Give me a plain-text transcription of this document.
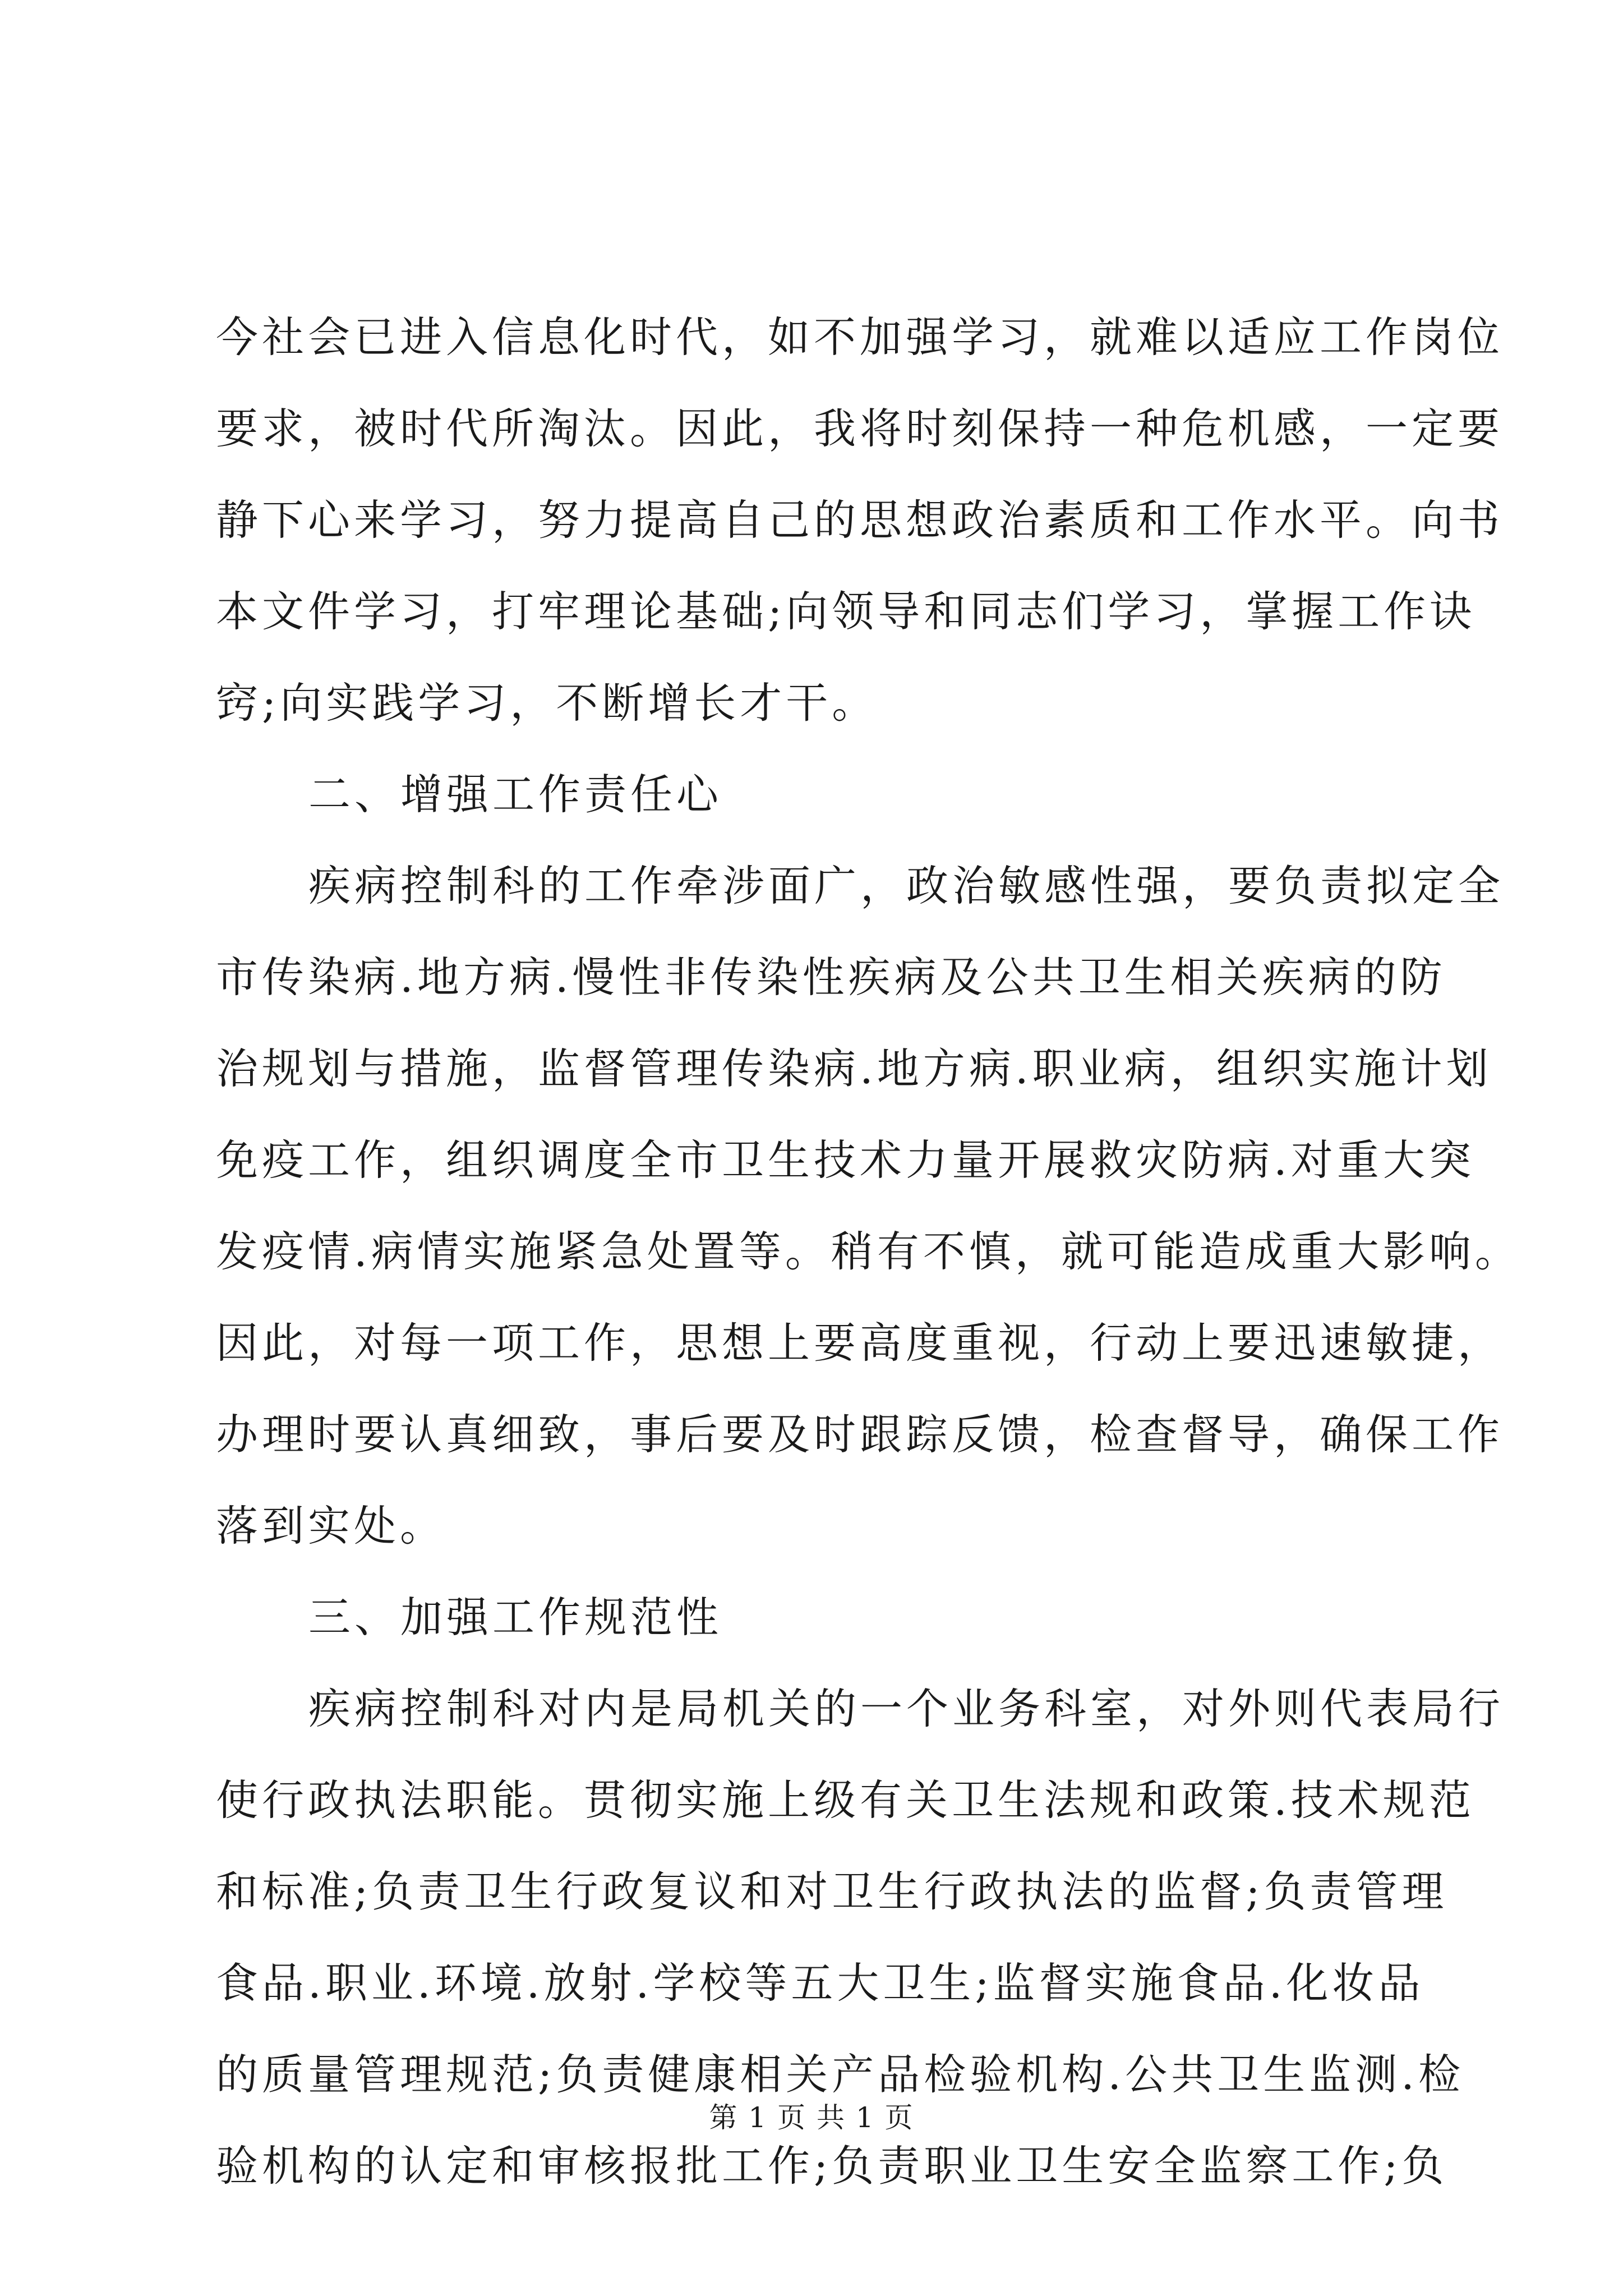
今社会已进入信息化时代，如不加强学习，就难以适应工作岗位
要求，被时代所淘汰。因此，我将时刻保持一种危机感，一定要
静下心来学习，努力提高自己的思想政治素质和工作水平。向书
本文件学习，打牢理论基础;向领导和同志们学习，掌握工作诀
窍;向实践学习，不断增长才干。
二、增强工作责任心
疾病控制科的工作牵涉面广，政治敏感性强，要负责拟定全
市传染病.地方病.慢性非传染性疾病及公共卫生相关疾病的防
治规划与措施，监督管理传染病.地方病.职业病，组织实施计划
免疫工作，组织调度全市卫生技术力量开展救灾防病.对重大突
发疫情.病情实施紧急处置等。稍有不慎，就可能造成重大影响。
因此，对每一项工作，思想上要高度重视，行动上要迅速敏捷，
办理时要认真细致，事后要及时跟踪反馈，检查督导，确保工作
落到实处。
三、加强工作规范性
疾病控制科对内是局机关的一个业务科室，对外则代表局行
使行政执法职能。贯彻实施上级有关卫生法规和政策.技术规范
和标准;负责卫生行政复议和对卫生行政执法的监督;负责管理
食品.职业.环境.放射.学校等五大卫生;监督实施食品.化妆品
的质量管理规范;负责健康相关产品检验机构.公共卫生监测.检
验机构的认定和审核报批工作;负责职业卫生安全监察工作;负
第 1 页 共 1 页
